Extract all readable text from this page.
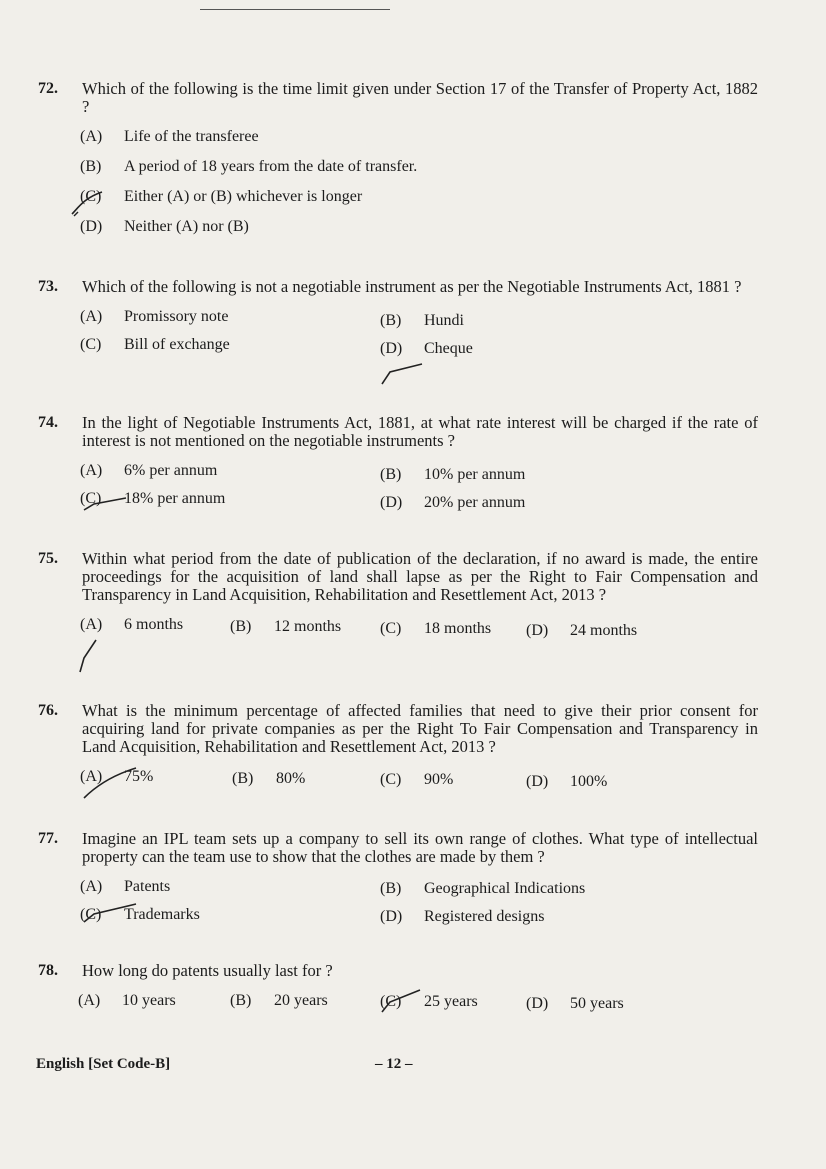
72. Which of the following is the time limit given under Section 17 of the Transfer of Property Act, 1882 ?
(A) Life of the transferee
(B) A period of 18 years from the date of transfer.
(C) Either (A) or (B) whichever is longer
(D) Neither (A) nor (B)
73. Which of the following is not a negotiable instrument as per the Negotiable Instruments Act, 1881 ?
(A) Promissory note	(B) Hundi
(C) Bill of exchange	(D) Cheque
74. In the light of Negotiable Instruments Act, 1881, at what rate interest will be charged if the rate of interest is not mentioned on the negotiable instruments ?
(A) 6% per annum	(B) 10% per annum
(C) 18% per annum	(D) 20% per annum
75. Within what period from the date of publication of the declaration, if no award is made, the entire proceedings for the acquisition of land shall lapse as per the Right to Fair Compensation and Transparency in Land Acquisition, Rehabilitation and Resettlement Act, 2013 ?
(A) 6 months	(B) 12 months (C) 18 months (D) 24 months
76. What is the minimum percentage of affected families that need to give their prior consent for acquiring land for private companies as per the Right To Fair Compensation and Transparency in Land Acquisition, Rehabilitation and Resettlement Act, 2013 ?
(A) 75%	(B) 80%	(C) 90%	(D) 100%
77. Imagine an IPL team sets up a company to sell its own range of clothes. What type of intellectual property can the team use to show that the clothes are made by them ?
(A) Patents	(B) Geographical Indications
(C) Trademarks	(D) Registered designs
78. How long do patents usually last for ?
(A) 10 years	(B) 20 years	(C) 25 years	(D) 50 years
English [Set Code-B]	– 12 –
